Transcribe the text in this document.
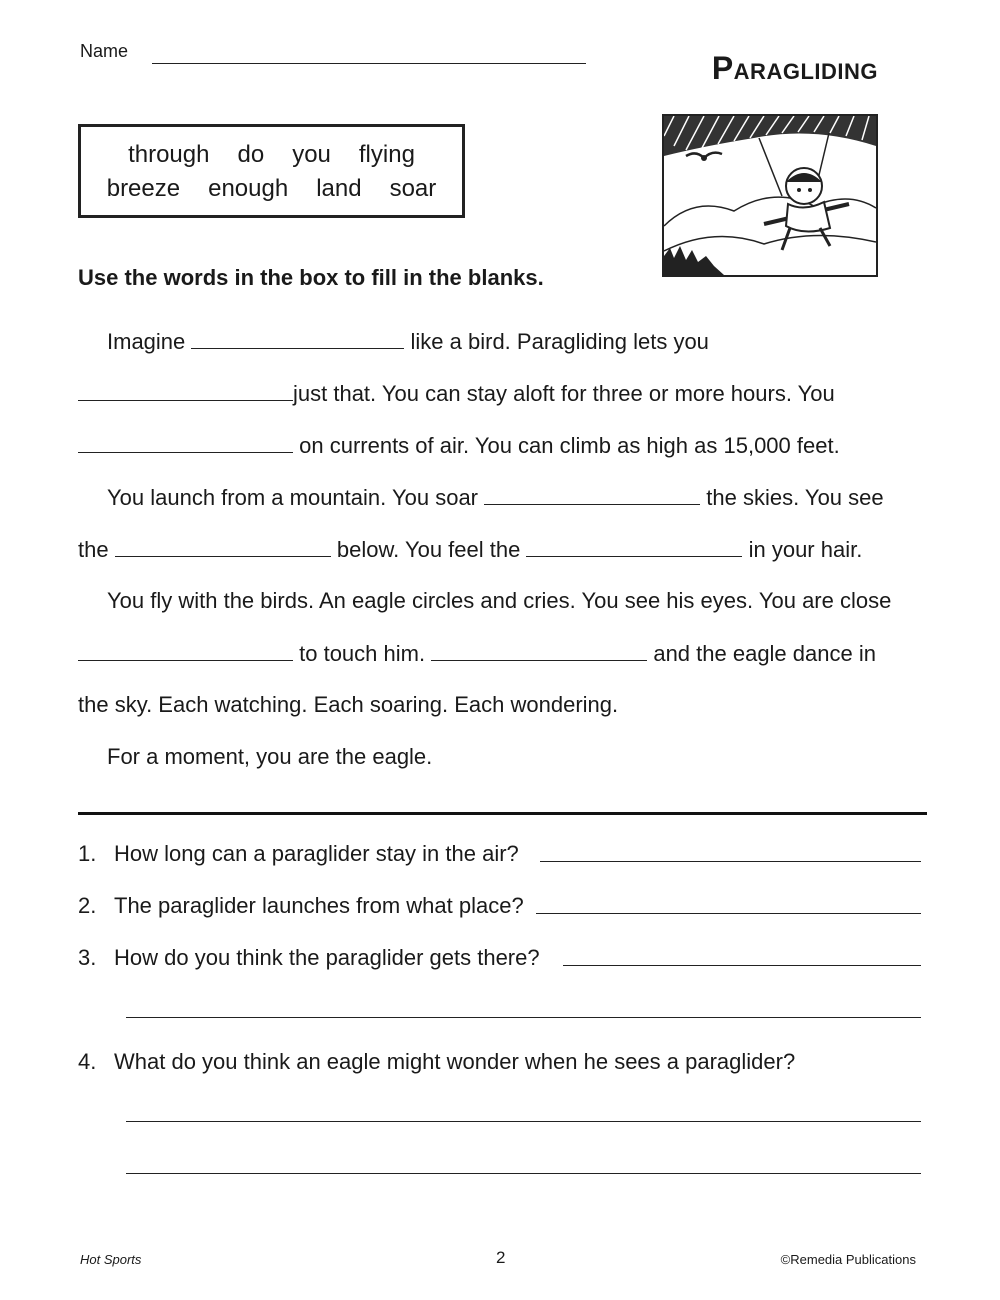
Name	Paragliding
through do you flying
breeze enough land soar
Use the words in the box to fill in the blanks.
Imagine	like a bird. Paragliding lets you
just that. You can stay aloft for three or more hours. You
on currents of air. You can climb as high as 15,000 feet.
You launch from a mountain. You soar	the skies. You see
the	below. You feel the	in your hair.
You fly with the birds. An eagle circles and cries. You see his eyes. You are close
to touch him.	and the eagle dance in
the sky. Each watching. Each soaring. Each wondering.
For a moment, you are the eagle.
1. How long can a paraglider stay in the air?
2. The paraglider launches from what place?
3. How do you think the paraglider gets there?
4. What do you think an eagle might wonder when he sees a paraglider?
Hot Sports	2	©Remedia Publications
